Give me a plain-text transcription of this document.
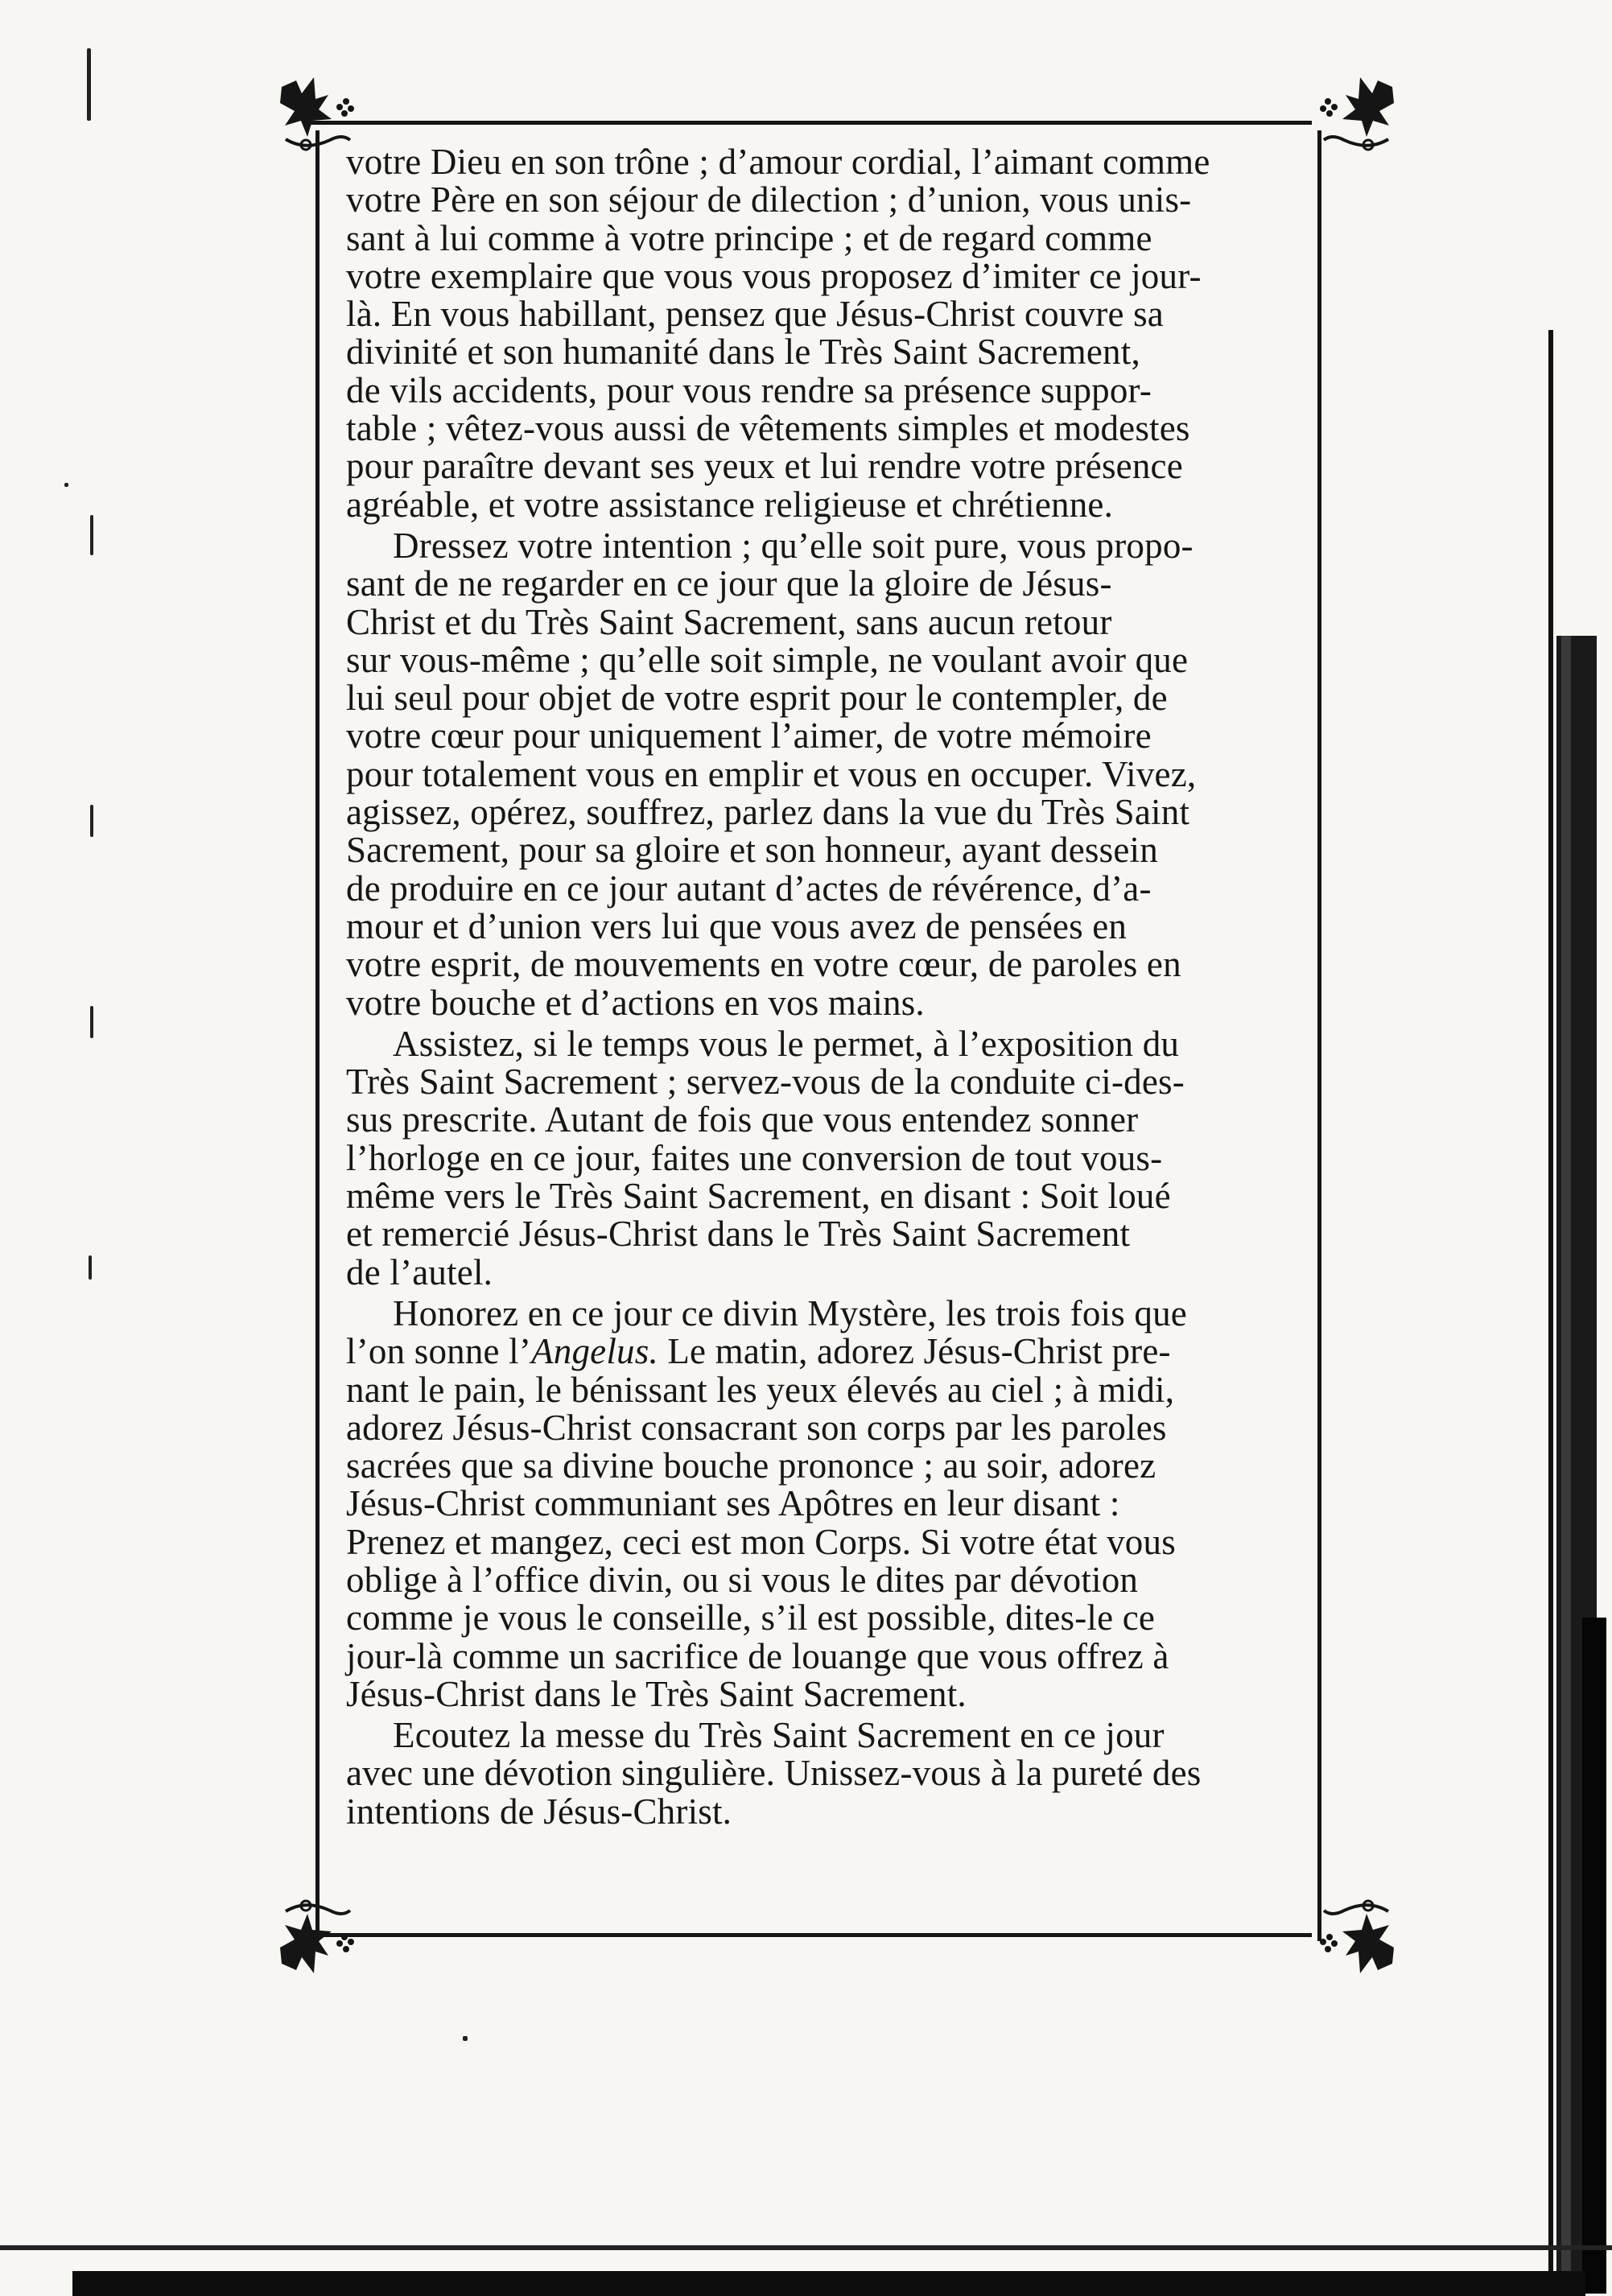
votre Dieu en son trône ; d’amour cordial, l’aimant comme
votre Père en son séjour de dilection ; d’union, vous unis-
sant à lui comme à votre principe ; et de regard comme
votre exemplaire que vous vous proposez d’imiter ce jour-
là. En vous habillant, pensez que Jésus-Christ couvre sa
divinité et son humanité dans le Très Saint Sacrement,
de vils accidents, pour vous rendre sa présence suppor-
table ; vêtez-vous aussi de vêtements simples et modestes
pour paraître devant ses yeux et lui rendre votre présence
agréable, et votre assistance religieuse et chrétienne.

Dressez votre intention ; qu’elle soit pure, vous propo-
sant de ne regarder en ce jour que la gloire de Jésus-
Christ et du Très Saint Sacrement, sans aucun retour
sur vous-même ; qu’elle soit simple, ne voulant avoir que
lui seul pour objet de votre esprit pour le contempler, de
votre cœur pour uniquement l’aimer, de votre mémoire
pour totalement vous en emplir et vous en occuper. Vivez,
agissez, opérez, souffrez, parlez dans la vue du Très Saint
Sacrement, pour sa gloire et son honneur, ayant dessein
de produire en ce jour autant d’actes de révérence, d’a-
mour et d’union vers lui que vous avez de pensées en
votre esprit, de mouvements en votre cœur, de paroles en
votre bouche et d’actions en vos mains.

Assistez, si le temps vous le permet, à l’exposition du
Très Saint Sacrement ; servez-vous de la conduite ci-des-
sus prescrite. Autant de fois que vous entendez sonner
l’horloge en ce jour, faites une conversion de tout vous-
même vers le Très Saint Sacrement, en disant : Soit loué
et remercié Jésus-Christ dans le Très Saint Sacrement
de l’autel.

Honorez en ce jour ce divin Mystère, les trois fois que
l’on sonne l’Angelus. Le matin, adorez Jésus-Christ pre-
nant le pain, le bénissant les yeux élevés au ciel ; à midi,
adorez Jésus-Christ consacrant son corps par les paroles
sacrées que sa divine bouche prononce ; au soir, adorez
Jésus-Christ communiant ses Apôtres en leur disant :
Prenez et mangez, ceci est mon Corps. Si votre état vous
oblige à l’office divin, ou si vous le dites par dévotion
comme je vous le conseille, s’il est possible, dites-le ce
jour-là comme un sacrifice de louange que vous offrez à
Jésus-Christ dans le Très Saint Sacrement.

Ecoutez la messe du Très Saint Sacrement en ce jour
avec une dévotion singulière. Unissez-vous à la pureté des
intentions de Jésus-Christ.
